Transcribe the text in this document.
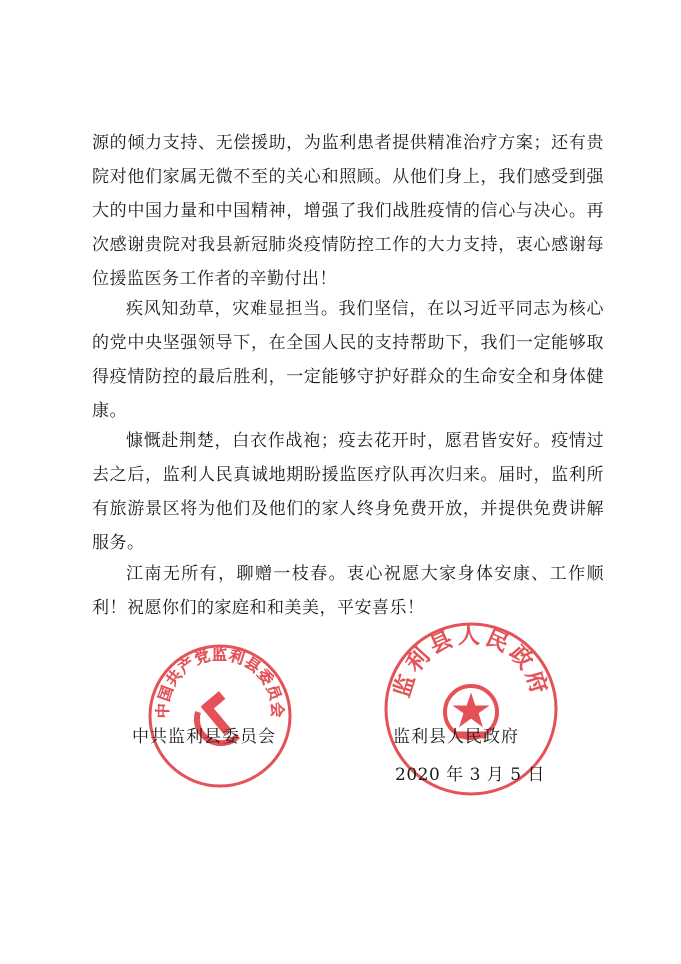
源的倾力支持、无偿援助，为监利患者提供精准治疗方案；还有贵院对他们家属无微不至的关心和照顾。从他们身上，我们感受到强大的中国力量和中国精神，增强了我们战胜疫情的信心与决心。再次感谢贵院对我县新冠肺炎疫情防控工作的大力支持，衷心感谢每位援监医务工作者的辛勤付出！

疾风知劲草，灾难显担当。我们坚信，在以习近平同志为核心的党中央坚强领导下，在全国人民的支持帮助下，我们一定能够取得疫情防控的最后胜利，一定能够守护好群众的生命安全和身体健康。

慷慨赴荆楚，白衣作战袍；疫去花开时，愿君皆安好。疫情过去之后，监利人民真诚地期盼援监医疗队再次归来。届时，监利所有旅游景区将为他们及他们的家人终身免费开放，并提供免费讲解服务。

江南无所有，聊赠一枝春。衷心祝愿大家身体安康、工作顺利！祝愿你们的家庭和和美美，平安喜乐！

中国共产党监利县委员会
监利县人民政府
中共监利县委员会	监利县人民政府
2020 年 3 月 5 日
